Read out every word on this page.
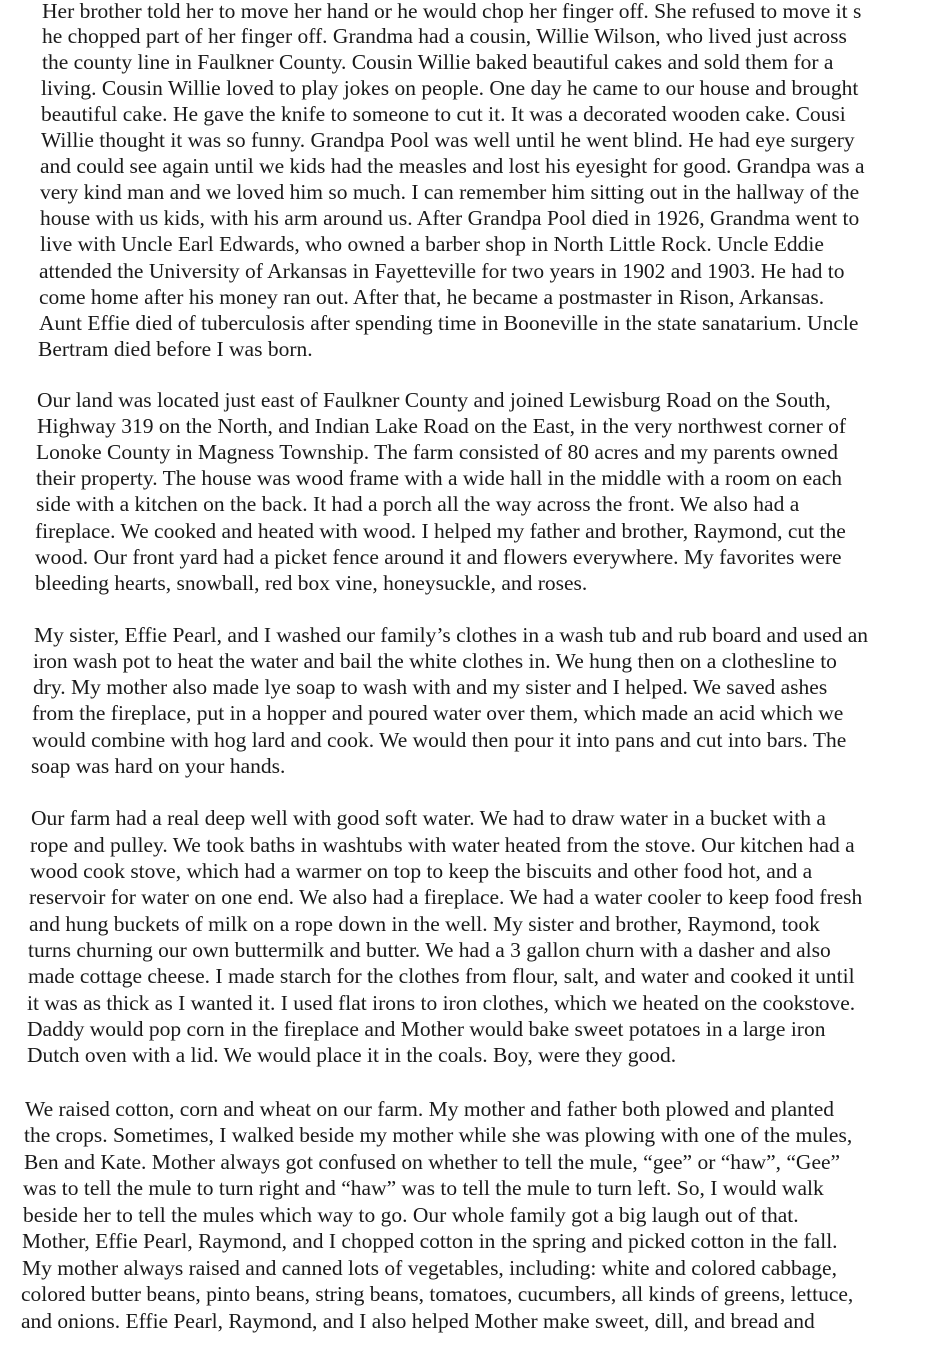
Her brother told her to move her hand or he would chop her finger off. She refused to move it s
he chopped part of her finger off. Grandma had a cousin, Willie Wilson, who lived just across
the county line in Faulkner County. Cousin Willie baked beautiful cakes and sold them for a
living. Cousin Willie loved to play jokes on people. One day he came to our house and brought
beautiful cake. He gave the knife to someone to cut it. It was a decorated wooden cake. Cousi
Willie thought it was so funny. Grandpa Pool was well until he went blind. He had eye surgery
and could see again until we kids had the measles and lost his eyesight for good. Grandpa was a
very kind man and we loved him so much. I can remember him sitting out in the hallway of the
house with us kids, with his arm around us. After Grandpa Pool died in 1926, Grandma went to
live with Uncle Earl Edwards, who owned a barber shop in North Little Rock. Uncle Eddie
attended the University of Arkansas in Fayetteville for two years in 1902 and 1903. He had to
come home after his money ran out. After that, he became a postmaster in Rison, Arkansas.
Aunt Effie died of tuberculosis after spending time in Booneville in the state sanatarium. Uncle
Bertram died before I was born.
Our land was located just east of Faulkner County and joined Lewisburg Road on the South,
Highway 319 on the North, and Indian Lake Road on the East, in the very northwest corner of
Lonoke County in Magness Township. The farm consisted of 80 acres and my parents owned
their property. The house was wood frame with a wide hall in the middle with a room on each
side with a kitchen on the back. It had a porch all the way across the front. We also had a
fireplace. We cooked and heated with wood. I helped my father and brother, Raymond, cut the
wood. Our front yard had a picket fence around it and flowers everywhere. My favorites were
bleeding hearts, snowball, red box vine, honeysuckle, and roses.
My sister, Effie Pearl, and I washed our family’s clothes in a wash tub and rub board and used an
iron wash pot to heat the water and bail the white clothes in. We hung then on a clothesline to
dry. My mother also made lye soap to wash with and my sister and I helped. We saved ashes
from the fireplace, put in a hopper and poured water over them, which made an acid which we
would combine with hog lard and cook. We would then pour it into pans and cut into bars. The
soap was hard on your hands.
Our farm had a real deep well with good soft water. We had to draw water in a bucket with a
rope and pulley. We took baths in washtubs with water heated from the stove. Our kitchen had a
wood cook stove, which had a warmer on top to keep the biscuits and other food hot, and a
reservoir for water on one end. We also had a fireplace. We had a water cooler to keep food fresh
and hung buckets of milk on a rope down in the well. My sister and brother, Raymond, took
turns churning our own buttermilk and butter. We had a 3 gallon churn with a dasher and also
made cottage cheese. I made starch for the clothes from flour, salt, and water and cooked it until
it was as thick as I wanted it. I used flat irons to iron clothes, which we heated on the cookstove.
Daddy would pop corn in the fireplace and Mother would bake sweet potatoes in a large iron
Dutch oven with a lid. We would place it in the coals. Boy, were they good.
We raised cotton, corn and wheat on our farm. My mother and father both plowed and planted
the crops. Sometimes, I walked beside my mother while she was plowing with one of the mules,
Ben and Kate. Mother always got confused on whether to tell the mule, “gee” or “haw”, “Gee”
was to tell the mule to turn right and “haw” was to tell the mule to turn left. So, I would walk
beside her to tell the mules which way to go. Our whole family got a big laugh out of that.
Mother, Effie Pearl, Raymond, and I chopped cotton in the spring and picked cotton in the fall.
My mother always raised and canned lots of vegetables, including: white and colored cabbage,
colored butter beans, pinto beans, string beans, tomatoes, cucumbers, all kinds of greens, lettuce,
and onions. Effie Pearl, Raymond, and I also helped Mother make sweet, dill, and bread and
